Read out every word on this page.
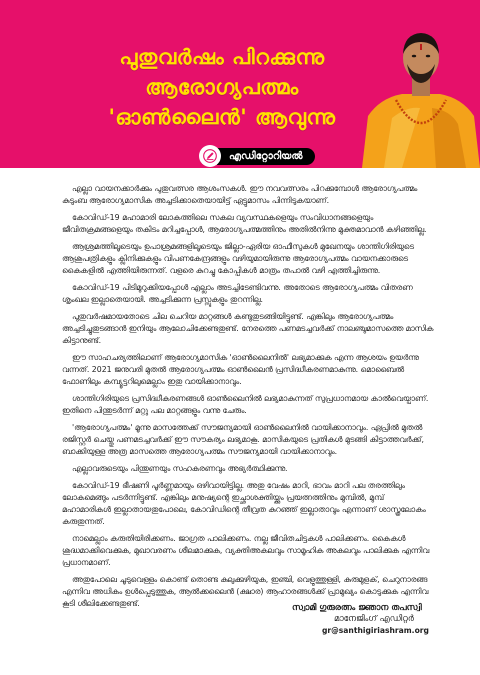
പുതുവർഷം പിറക്കുന്നു
ആരോഗ്യപത്മം
'ഓൺലൈൻ' ആവുന്നു
എഡിറ്റോറിയൽ

എല്ലാ വായനക്കാർക്കും പുതുവത്സര ആശംസകൾ. ഈ നവവത്സരം പിറക്കുമ്പോൾ ആരോഗ്യപത്മം കുടുംബ ആരോഗ്യമാസിക അച്ചടിക്കാതെയായിട്ട് ഏട്ടുമാസം പിന്നിടുകയാണ്.

കോവിഡ്-19 മഹാമാരി ലോകത്തിലെ സകല വ്യവസ്ഥകളെയും സംവിധാനങ്ങളെയും ജീവിതക്രമങ്ങളെയും തകിടം മറിച്ചപ്പോൾ, ആരോഗ്യപത്മത്തിനും അതിൽനിന്നു മുക്തമാവാൻ കഴിഞ്ഞില്ല.

ആശ്രമത്തിലൂടെയും ഉപാശ്രമങ്ങളിലൂടെയും ജില്ലാ-ഏരിയ ഓഫീസുകൾ മുഖേനയും ശാന്തിഗിരിയുടെ ആശുപത്രികളും ക്ലിനിക്കുകളും വിപണകേന്ദ്രങ്ങളും വഴിയുമായിരുന്നു ആരോഗ്യപത്മം വായനക്കാരുടെ കൈകളിൽ എത്തിയിരുന്നത്. വളരെ കുറച്ചു കോപ്പികൾ മാത്രം തപാൽ വഴി എത്തിച്ചിരുന്നു.

കോവിഡ്-19 പിടിമുറുക്കിയപ്പോൾ എല്ലാം അടച്ചിടേണ്ടിവന്നു. അതോടെ ആരോഗ്യപത്മം വിതരണ ശൃംഖല ഇല്ലാതെയായി. അച്ചടിക്കുന്ന പ്രസ്സുകളും തുറന്നില്ല.

പുതുവർഷമായതോടെ ചില ചെറിയ മാറ്റങ്ങൾ കണ്ടുതുടങ്ങിയിട്ടുണ്ട്. എങ്കിലും ആരോഗ്യപത്മം അച്ചടിച്ചുതുടങ്ങാൻ ഇനിയും ആലോചിക്കേണ്ടതുണ്ട്. നേരത്തെ പണമടച്ചവർക്ക് നാലഞ്ചുമാസത്തെ മാസിക കിട്ടാനുണ്ട്.

ഈ സാഹചര്യത്തിലാണ് ആരോഗ്യമാസിക 'ഓൺലൈനിൽ' ലഭ്യമാക്കുക എന്ന ആശയം ഉയർന്നു വന്നത്. 2021 ജനുവരി മുതൽ ആരോഗ്യപത്മം ഓൺലൈൻ പ്രസിദ്ധീകരണമാകുന്നു. മൊബൈൽ ഫോണിലും കമ്പ്യൂട്ടറിലുമെല്ലാം ഇതു വായിക്കാനാവും.

ശാന്തിഗിരിയുടെ പ്രസിദ്ധീകരണങ്ങൾ ഓൺലൈനിൽ ലഭ്യമാകുന്നത് സുപ്രധാനമായ കാൽവെയ്പാണ്. ഇതിനെ പിന്തുടർന്ന് മറ്റു പല മാറ്റങ്ങളും വന്നു ചേരും.

'ആരോഗ്യപത്മം' മൂന്നു മാസത്തേക്ക് സൗജന്യമായി ഓൺലൈനിൽ വായിക്കാനാവും. ഏപ്രിൽ മുതൽ രജിസ്റ്റർ ചെയ്തു പണമടച്ചവർക്ക് ഈ സൗകര്യം ലഭ്യമാകൂ. മാസികയുടെ പ്രതികൾ മുടങ്ങി കിട്ടാത്തവർക്ക്, ബാക്കിയുള്ള അത്ര മാസത്തെ ആരോഗ്യപത്മം സൗജന്യമായി വായിക്കാനാവും.

എല്ലാവരുടെയും പിന്തുണയും സഹകരണവും അഭ്യർത്ഥിക്കുന്നു.

കോവിഡ്-19 ഭീഷണി പൂർണ്ണമായും ഒഴിവായിട്ടില്ല. അതു വേഷം മാറി, ഭാവം മാറി പല തരത്തിലും ലോകമെങ്ങും പടർന്നിട്ടുണ്ട്. എങ്കിലും മനുഷ്യന്റെ ഇച്ഛാശക്തിയ്ക്കും പ്രയത്നത്തിനും മുമ്പിൽ, മുമ്പ് മഹാമാരികൾ ഇല്ലാതായതുപോലെ, കോവിഡിന്റെ തീവ്രത കുറഞ്ഞ് ഇല്ലാതാവും എന്നാണ് ശാസ്ത്രലോകം കരുതുന്നത്.

നാമെല്ലാം കരുതിയിരിക്കണം. ജാഗ്രത പാലിക്കണം. നല്ല ജീവിതചിട്ടകൾ പാലിക്കണം. കൈകൾ ശുദ്ധമാക്കിവെക്കുക, മുഖാവരണം ശീലമാക്കുക, വ്യക്തിഅകലവും സാമൂഹിക അകലവും പാലിക്കുക എന്നിവ പ്രധാനമാണ്.

അതുപോലെ ചൂടുവെള്ളം കൊണ്ട് തൊണ്ട കുലുക്കുഴിയുക, ഇഞ്ചി, വെളുത്തുള്ളി, കുരുമുളക്, ചെറുനാരങ്ങ എന്നിവ അധികം ഉൾപ്പെടുത്തുക, ആൽക്കലൈൻ (ക്ഷാര) ആഹാരങ്ങൾക്ക് പ്രാമുഖ്യം കൊടുക്കുക എന്നിവ കൂടി ശീലിക്കേണ്ടതുണ്ട്.	സ്വാമി ഗുരുരത്നം ജ്ഞാന തപസ്വി
മാനേജിംഗ് എഡിറ്റർ
gr@santhigiriashram.org
